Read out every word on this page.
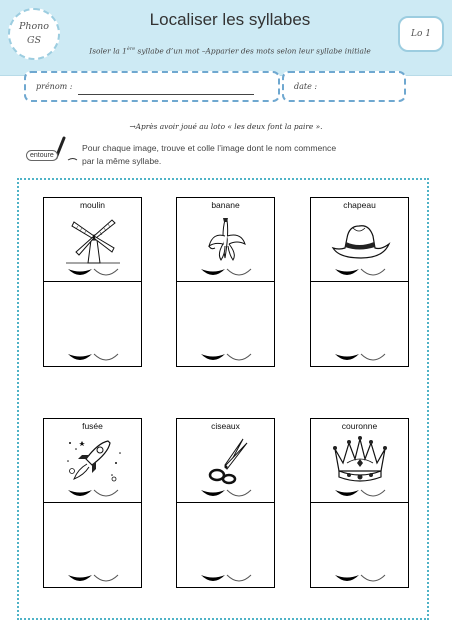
Phono
GS
Localiser les syllabes
Isoler la 1ère syllabe d’un mot –Apparier des mots selon leur syllabe initiale
Lo 1
prénom :	date :
→Après avoir joué au loto « les deux font la paire ».
entoure
Pour chaque image, trouve et colle l’image dont le nom commence par la même syllabe.
moulin	banane	chapeau
fusée	ciseaux	couronne
